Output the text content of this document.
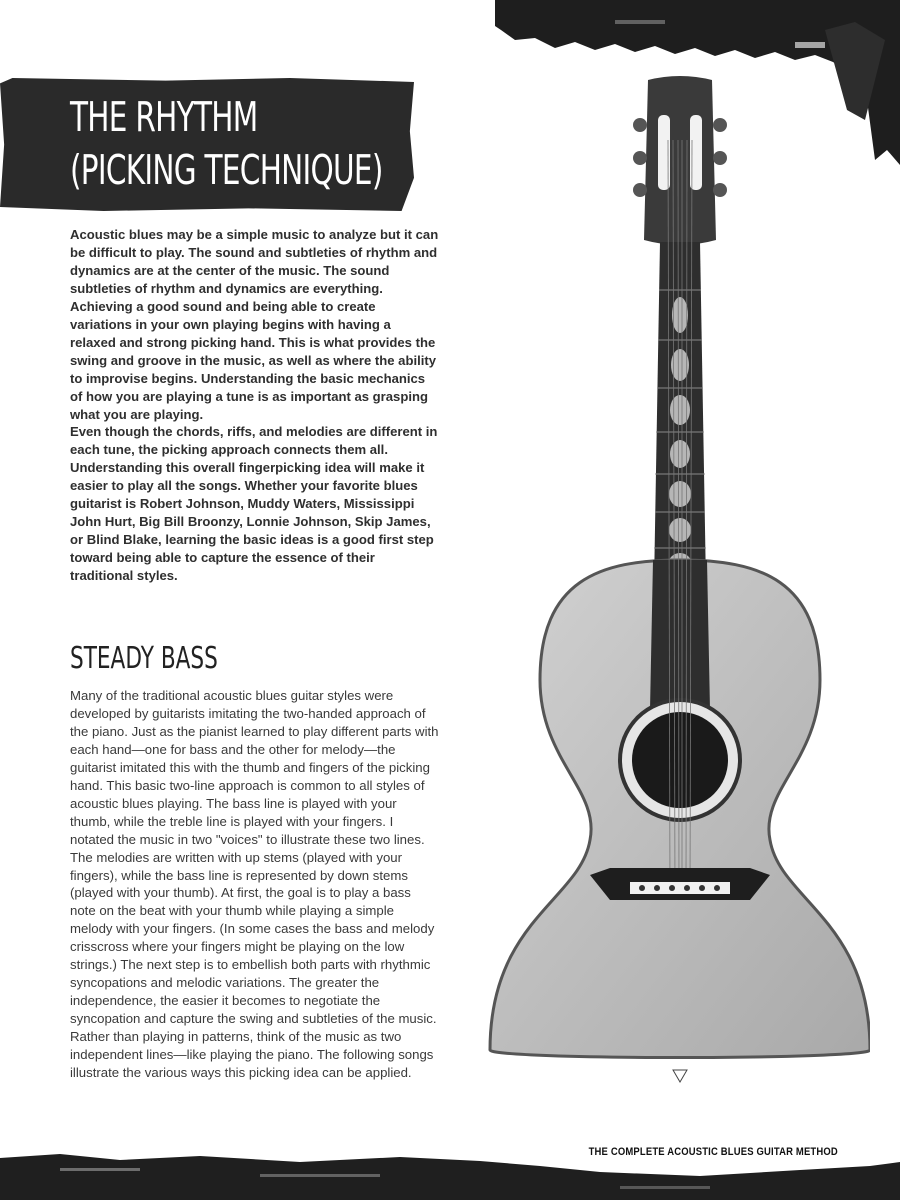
THE RHYTHM
(PICKING TECHNIQUE)

Acoustic blues may be a simple music to analyze but it can be difficult to play. The sound and subtleties of rhythm and dynamics are at the center of the music. The sound subtleties of rhythm and dynamics are everything. Achieving a good sound and being able to create variations in your own playing begins with having a relaxed and strong picking hand. This is what provides the swing and groove in the music, as well as where the ability to improvise begins. Understanding the basic mechanics of how you are playing a tune is as important as grasping what you are playing.

Even though the chords, riffs, and melodies are different in each tune, the picking approach connects them all. Understanding this overall fingerpicking idea will make it easier to play all the songs. Whether your favorite blues guitarist is Robert Johnson, Muddy Waters, Mississippi John Hurt, Big Bill Broonzy, Lonnie Johnson, Skip James, or Blind Blake, learning the basic ideas is a good first step toward being able to capture the essence of their traditional styles.

STEADY BASS

Many of the traditional acoustic blues guitar styles were developed by guitarists imitating the two-handed approach of the piano. Just as the pianist learned to play different parts with each hand—one for bass and the other for melody—the guitarist imitated this with the thumb and fingers of the picking hand. This basic two-line approach is common to all styles of acoustic blues playing. The bass line is played with your thumb, while the treble line is played with your fingers. I notated the music in two "voices" to illustrate these two lines. The melodies are written with up stems (played with your fingers), while the bass line is represented by down stems (played with your thumb). At first, the goal is to play a bass note on the beat with your thumb while playing a simple melody with your fingers. (In some cases the bass and melody crisscross where your fingers might be playing on the low strings.) The next step is to embellish both parts with rhythmic syncopations and melodic variations. The greater the independence, the easier it becomes to negotiate the syncopation and capture the swing and subtleties of the music. Rather than playing in patterns, think of the music as two independent lines—like playing the piano. The following songs illustrate the various ways this picking idea can be applied.

THE COMPLETE ACOUSTIC BLUES GUITAR METHOD
